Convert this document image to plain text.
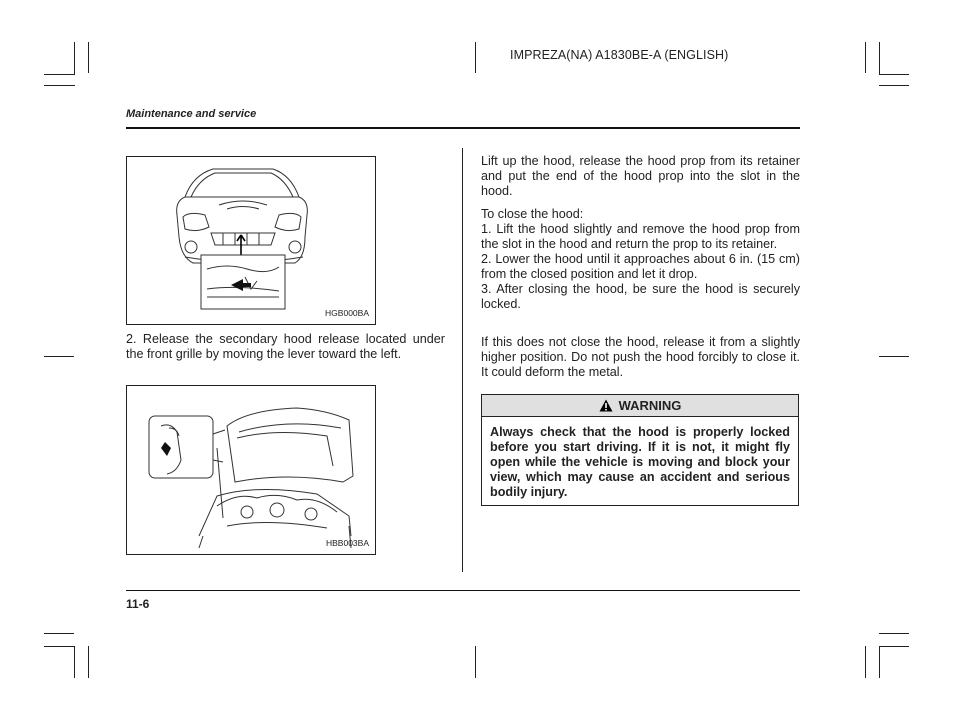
IMPREZA(NA) A1830BE-A (ENGLISH)
Maintenance and service
HGB000BA
2. Release the secondary hood release located under the front grille by moving the lever toward the left.
HBB003BA
Lift up the hood, release the hood prop from its retainer and put the end of the hood prop into the slot in the hood.

To close the hood:

1. Lift the hood slightly and remove the hood prop from the slot in the hood and return the prop to its retainer.

2. Lower the hood until it approaches about 6 in. (15 cm) from the closed position and let it drop.

3. After closing the hood, be sure the hood is securely locked.

If this does not close the hood, release it from a slightly higher position. Do not push the hood forcibly to close it. It could deform the metal.
WARNING
Always check that the hood is properly locked before you start driving. If it is not, it might fly open while the vehicle is moving and block your view, which may cause an accident and serious bodily injury.
11-6
